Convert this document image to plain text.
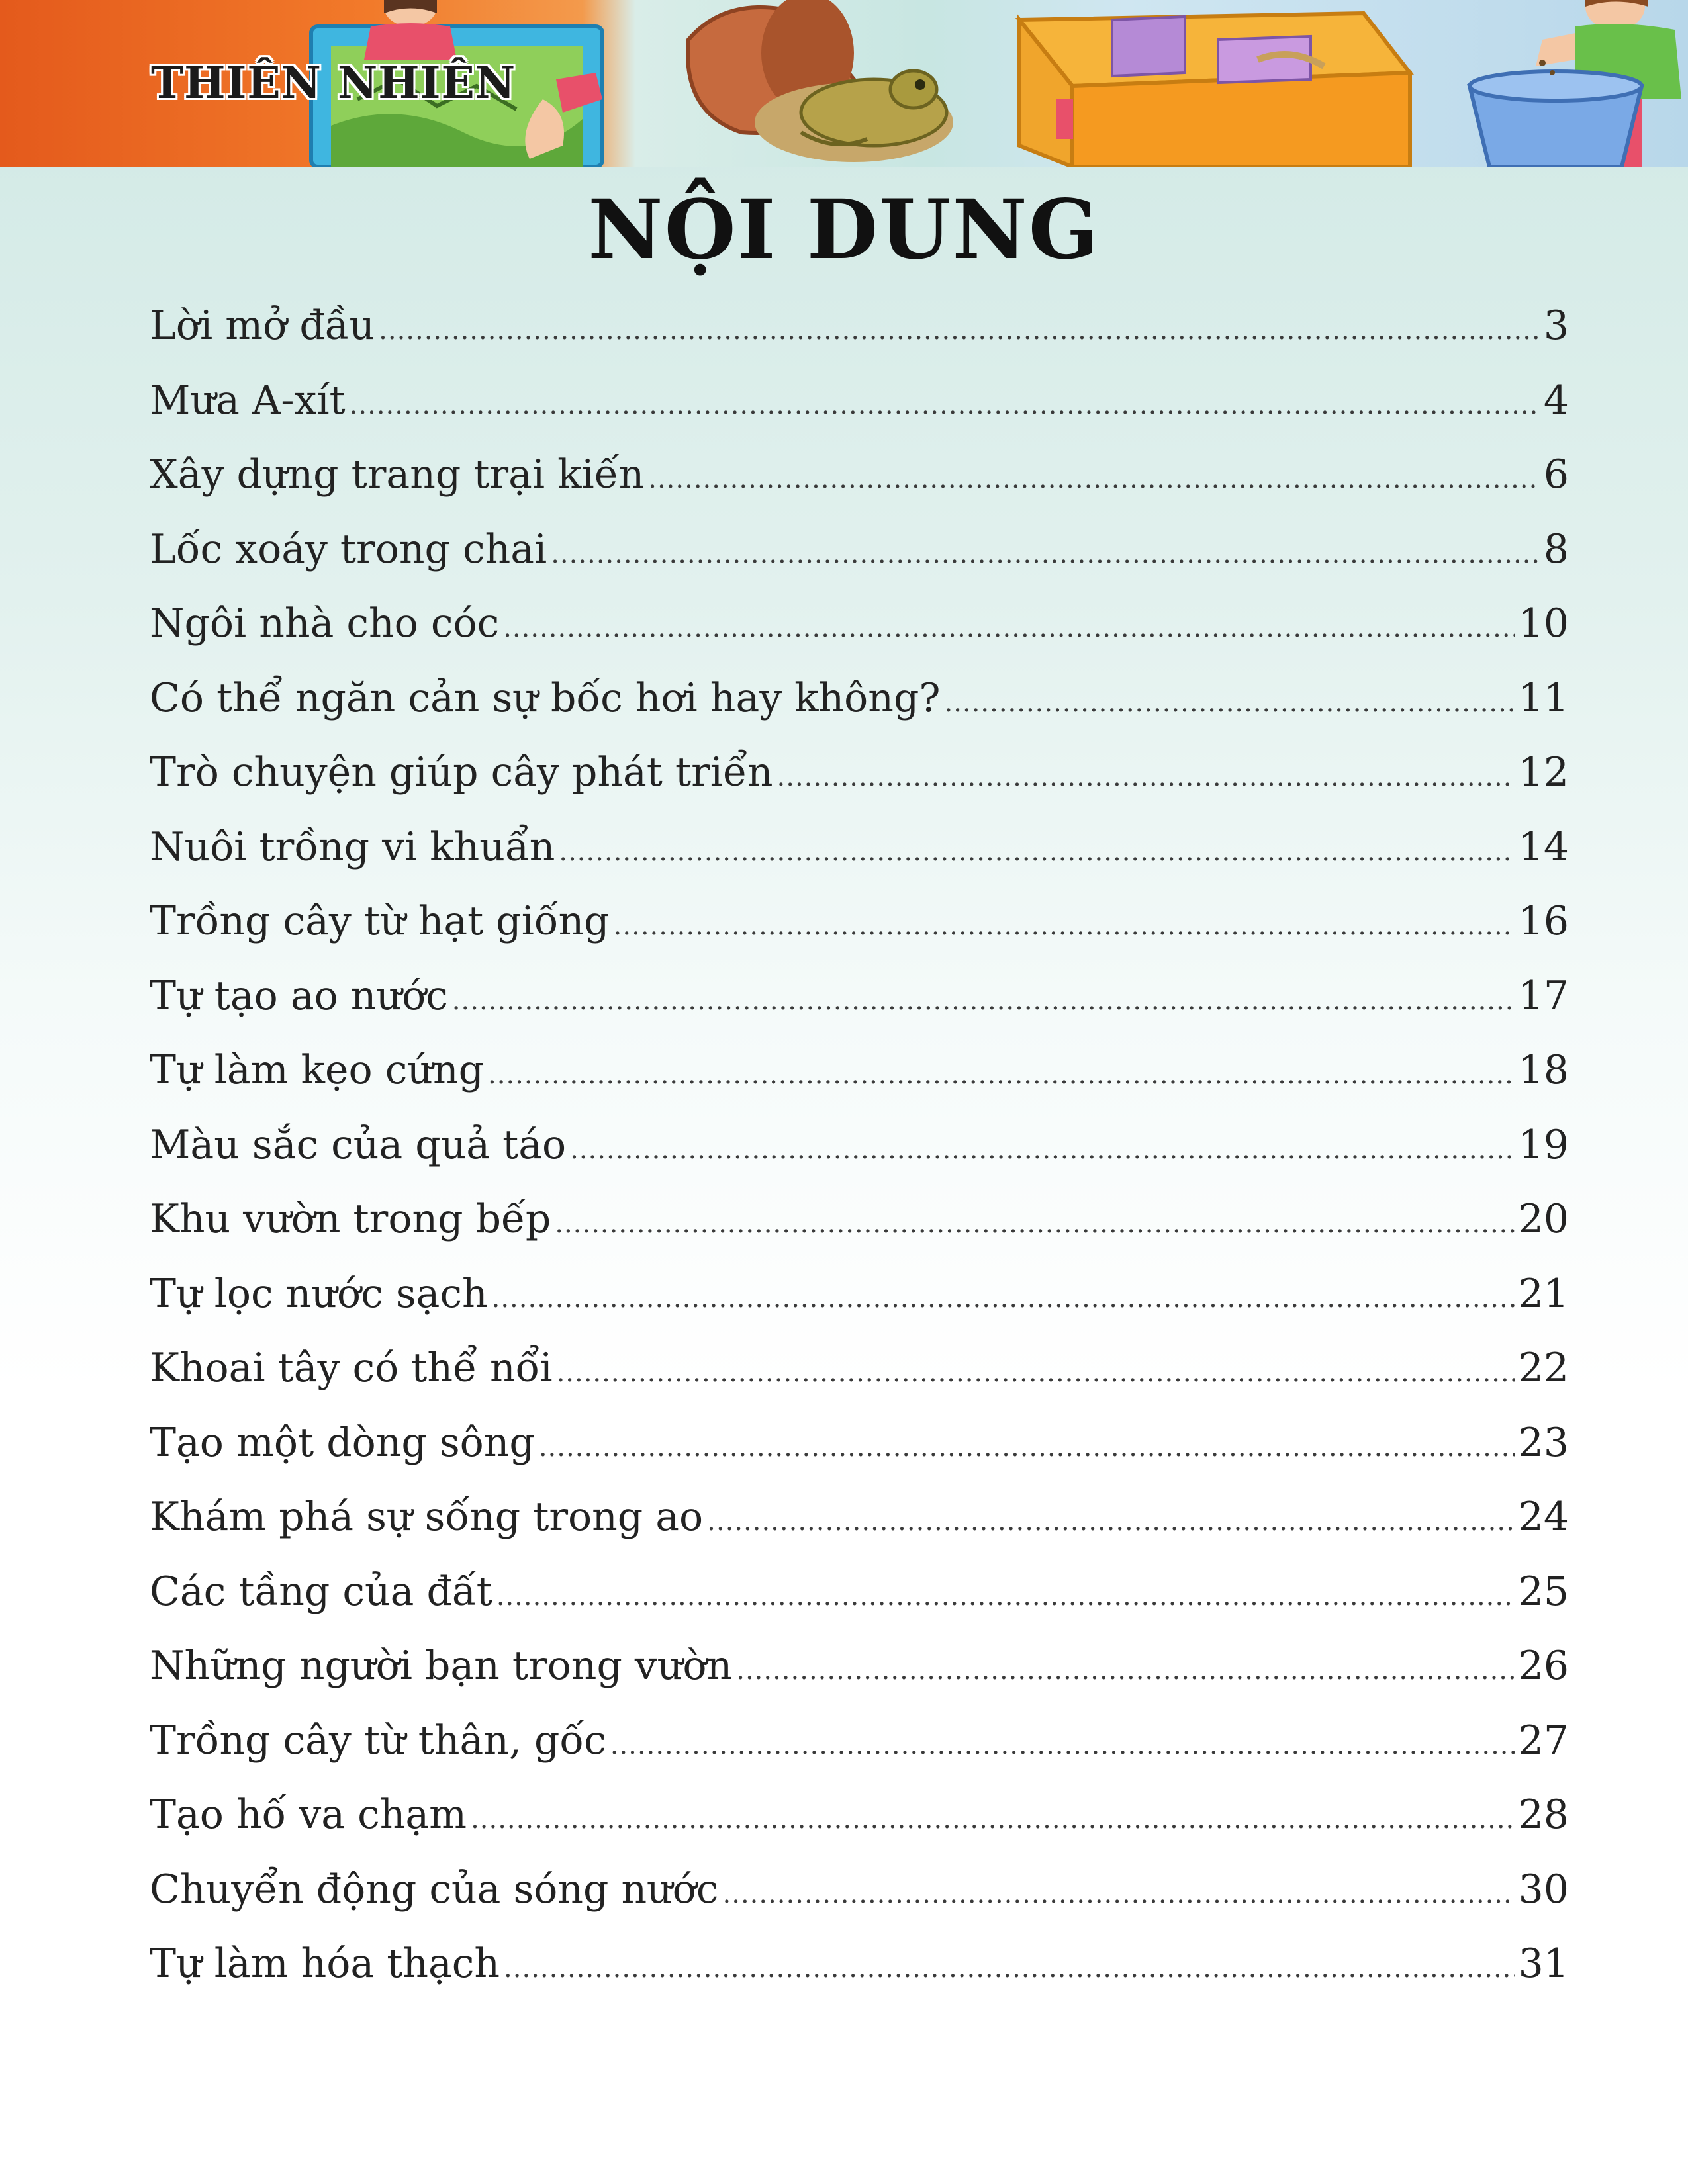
THIÊN NHIÊN
NỘI DUNG
Lời mở đầu .....	3
Mưa A-xít .....	4
Xây dựng trang trại kiến .....	6
Lốc xoáy trong chai .....	8
Ngôi nhà cho cóc .....	10
Có thể ngăn cản sự bốc hơi hay không? .....	11
Trò chuyện giúp cây phát triển .....	12
Nuôi trồng vi khuẩn .....	14
Trồng cây từ hạt giống .....	16
Tự tạo ao nước .....	17
Tự làm kẹo cứng .....	18
Màu sắc của quả táo .....	19
Khu vườn trong bếp .....	20
Tự lọc nước sạch .....	21
Khoai tây có thể nổi .....	22
Tạo một dòng sông .....	23
Khám phá sự sống trong ao .....	24
Các tầng của đất .....	25
Những người bạn trong vườn .....	26
Trồng cây từ thân, gốc .....	27
Tạo hố va chạm .....	28
Chuyển động của sóng nước .....	30
Tự làm hóa thạch .....	31
